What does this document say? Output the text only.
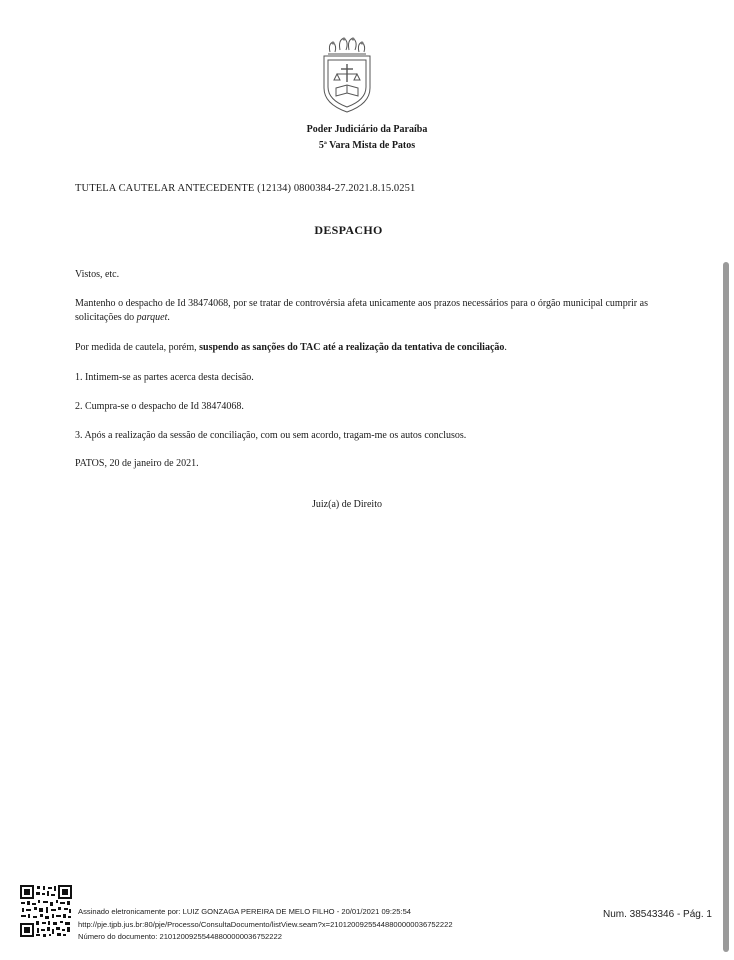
Poder Judiciário da Paraíba
5ª Vara Mista de Patos
TUTELA CAUTELAR ANTECEDENTE (12134) 0800384-27.2021.8.15.0251
DESPACHO
Vistos, etc.
Mantenho o despacho de Id 38474068, por se tratar de controvérsia afeta unicamente aos prazos necessários para o órgão municipal cumprir as solicitações do parquet.
Por medida de cautela, porém, suspendo as sanções do TAC até a realização da tentativa de conciliação.
1. Intimem-se as partes acerca desta decisão.
2. Cumpra-se o despacho de Id 38474068.
3. Após a realização da sessão de conciliação, com ou sem acordo, tragam-me os autos conclusos.
PATOS, 20 de janeiro de 2021.
Juiz(a) de Direito
Assinado eletronicamente por: LUIZ GONZAGA PEREIRA DE MELO FILHO - 20/01/2021 09:25:54
http://pje.tjpb.jus.br:80/pje/Processo/ConsultaDocumento/listView.seam?x=21012009255448800000036752222
Número do documento: 21012009255448800000036752222
Num. 38543346 - Pág. 1
